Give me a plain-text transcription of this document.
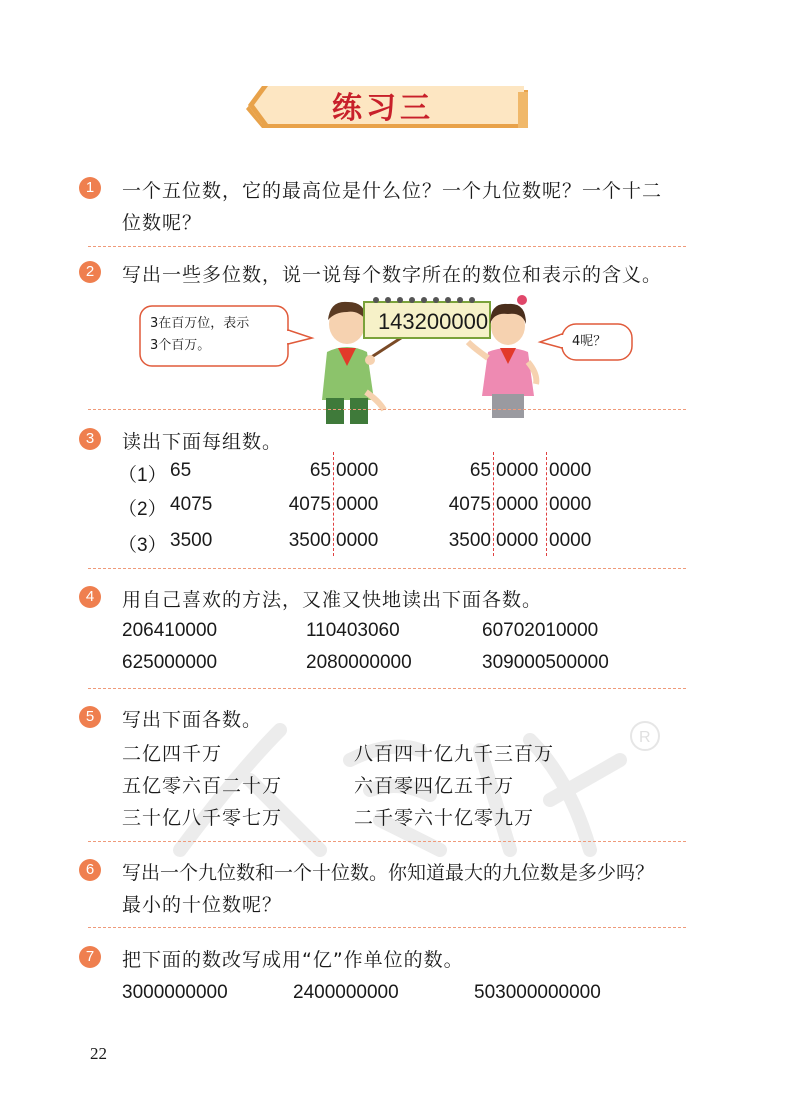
练习三
1	一个五位数，它的最高位是什么位？一个九位数呢？一个十二
位数呢？
2	写出一些多位数，说一说每个数字所在的数位和表示的含义。
143200000
3在百万位，表示
3个百万。	4呢？
3	读出下面每组数。
（1） 65	65 0000	65 0000 0000
（2） 4075	4075 0000	4075 0000 0000
（3） 3500	3500 0000	3500 0000 0000
4	用自己喜欢的方法，又准又快地读出下面各数。
206410000	110403060	60702010000
625000000	2080000000	309000500000
R
5	写出下面各数。
二亿四千万	八百四十亿九千三百万
五亿零六百二十万	六百零四亿五千万
三十亿八千零七万	二千零六十亿零九万
6	写出一个九位数和一个十位数。你知道最大的九位数是多少吗？
最小的十位数呢？
7	把下面的数改写成用“亿”作单位的数。
3000000000	2400000000	503000000000
22
